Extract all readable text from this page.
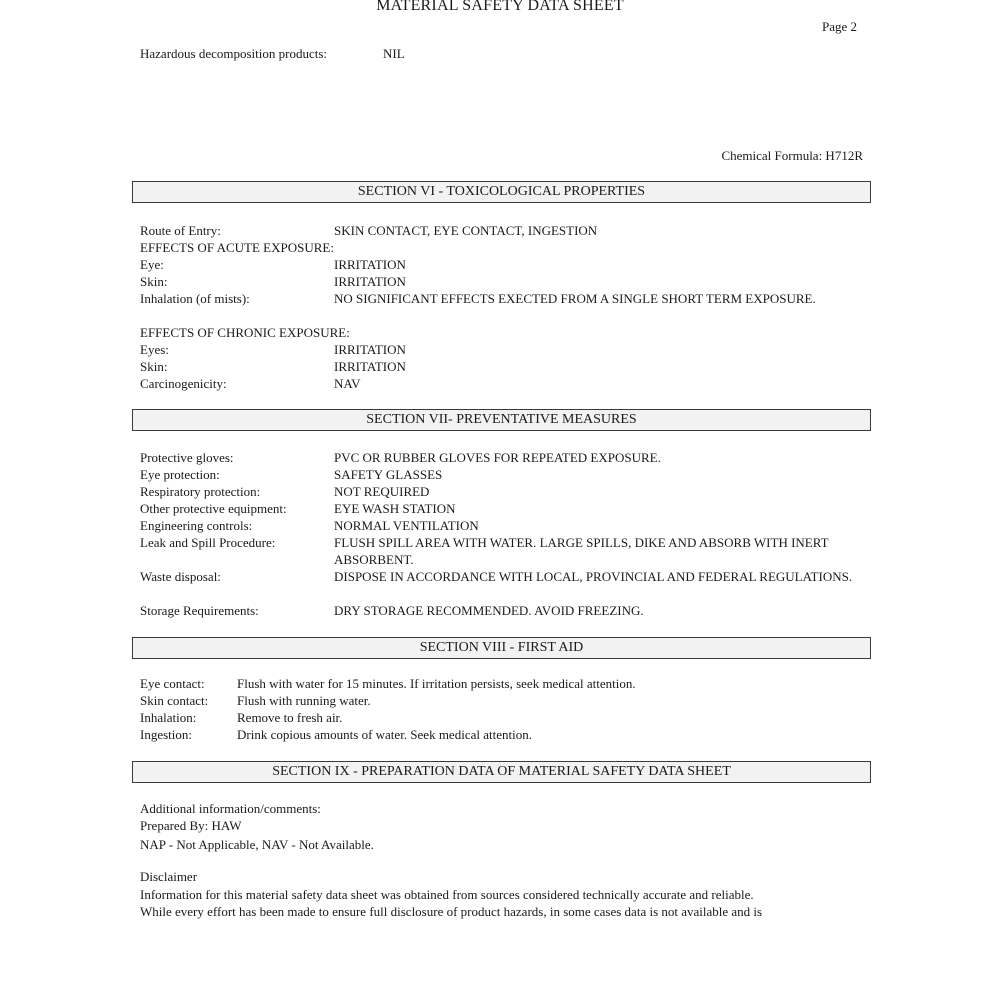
MATERIAL SAFETY DATA SHEET
Page 2
Hazardous decomposition products:	NIL
Chemical Formula: H712R
SECTION VI - TOXICOLOGICAL PROPERTIES
Route of Entry:	SKIN CONTACT, EYE CONTACT, INGESTION
EFFECTS OF ACUTE EXPOSURE:
Eye:	IRRITATION
Skin:	IRRITATION
Inhalation (of mists):	NO SIGNIFICANT EFFECTS EXECTED FROM A SINGLE SHORT TERM EXPOSURE.
EFFECTS OF CHRONIC EXPOSURE:
Eyes:	IRRITATION
Skin:	IRRITATION
Carcinogenicity:	NAV
SECTION VII- PREVENTATIVE MEASURES
Protective gloves:	PVC OR RUBBER GLOVES FOR REPEATED EXPOSURE.
Eye protection:	SAFETY GLASSES
Respiratory protection:	NOT REQUIRED
Other protective equipment:	EYE WASH STATION
Engineering controls:	NORMAL VENTILATION
Leak and Spill Procedure:	FLUSH SPILL AREA WITH WATER. LARGE SPILLS, DIKE AND ABSORB WITH INERT ABSORBENT.
Waste disposal:	DISPOSE IN ACCORDANCE WITH LOCAL, PROVINCIAL AND FEDERAL REGULATIONS.
Storage Requirements:	DRY STORAGE RECOMMENDED. AVOID FREEZING.
SECTION VIII - FIRST AID
Eye contact: Flush with water for 15 minutes. If irritation persists, seek medical attention.
Skin contact: Flush with running water.
Inhalation:	Remove to fresh air.
Ingestion:	Drink copious amounts of water. Seek medical attention.
SECTION IX - PREPARATION DATA OF MATERIAL SAFETY DATA SHEET
Additional information/comments:
Prepared By: HAW
NAP - Not Applicable, NAV - Not Available.
Disclaimer
Information for this material safety data sheet was obtained from sources considered technically accurate and reliable.
While every effort has been made to ensure full disclosure of product hazards, in some cases data is not available and is
